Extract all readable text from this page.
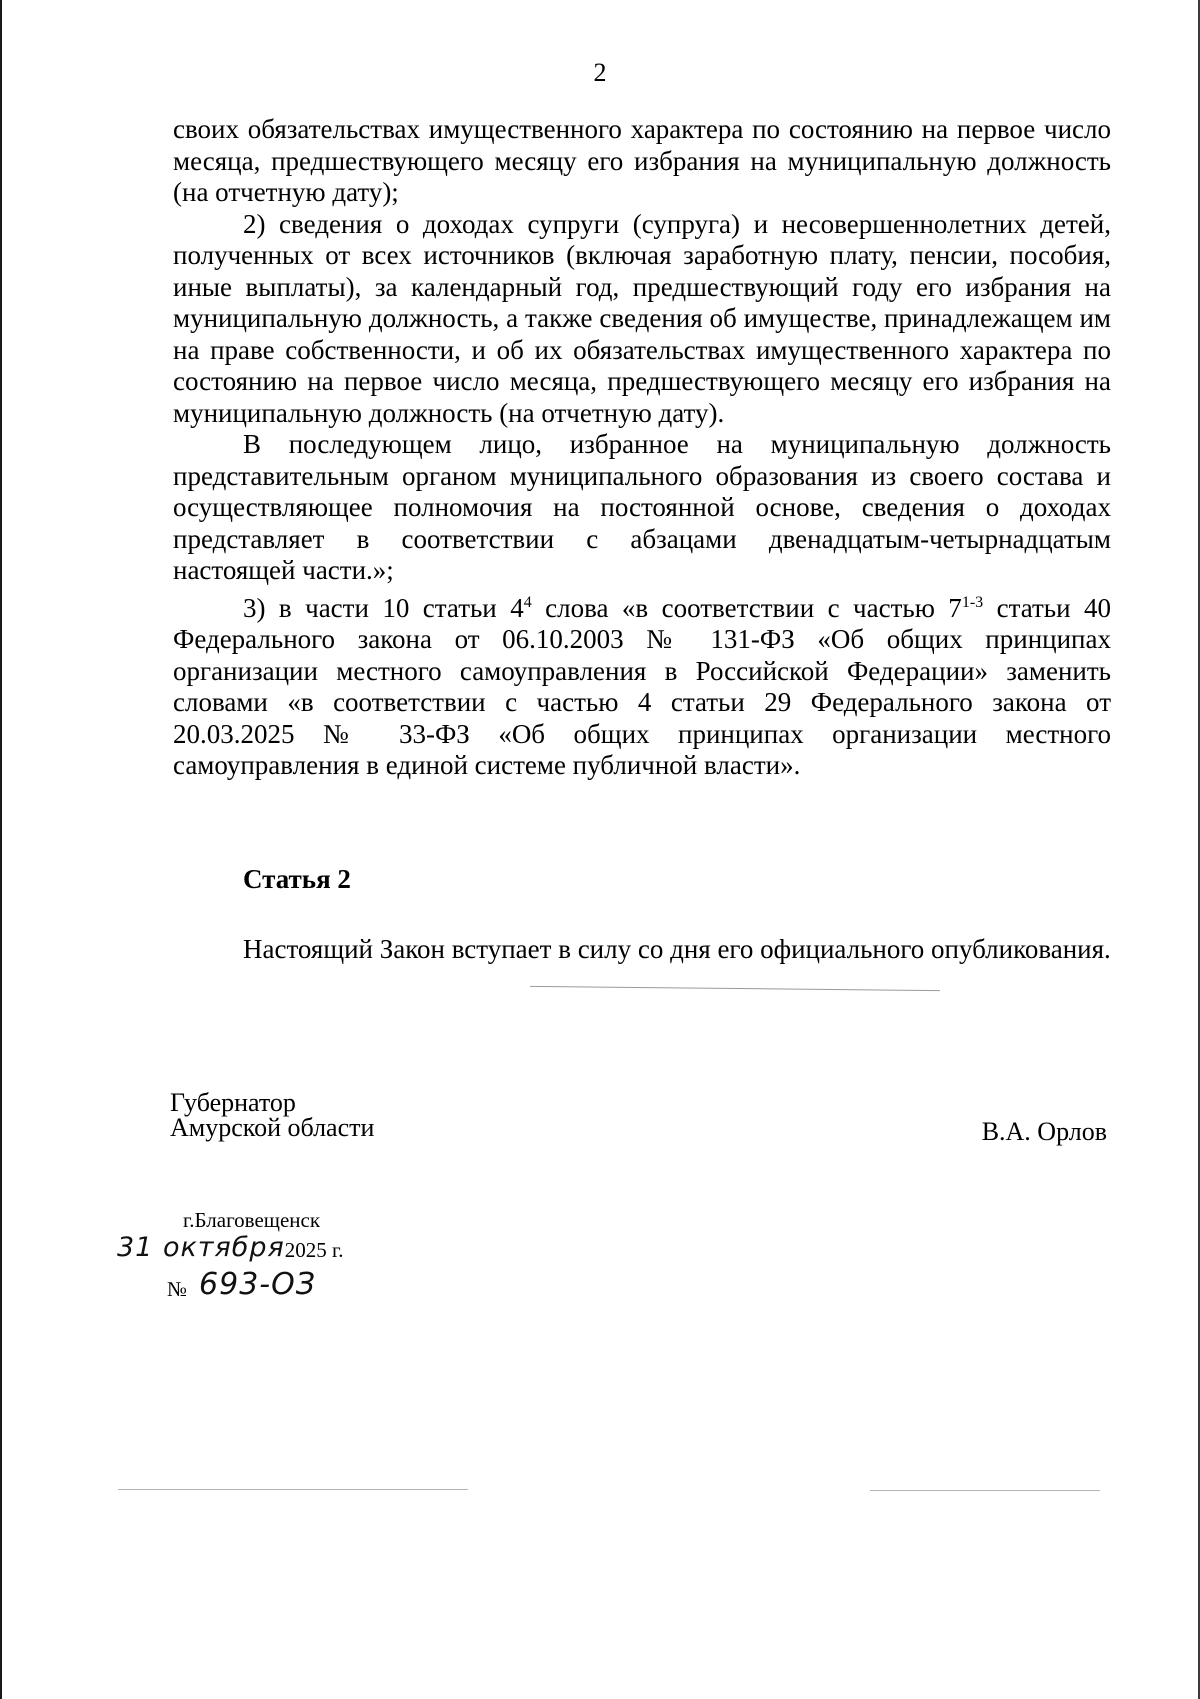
2

своих обязательствах имущественного характера по состоянию на первое число месяца, предшествующего месяцу его избрания на муниципальную должность (на отчетную дату);

2) сведения о доходах супруги (супруга) и несовершеннолетних детей, полученных от всех источников (включая заработную плату, пенсии, пособия, иные выплаты), за календарный год, предшествующий году его избрания на муниципальную должность, а также сведения об имуществе, принадлежащем им на праве собственности, и об их обязательствах имущественного характера по состоянию на первое число месяца, предшествующего месяцу его избрания на муниципальную должность (на отчетную дату).

В последующем лицо, избранное на муниципальную должность представительным органом муниципального образования из своего состава и осуществляющее полномочия на постоянной основе, сведения о доходах представляет в соответствии с абзацами двенадцатым-четырнадцатым настоящей части.»;

3) в части 10 статьи $4^4$ слова «в соответствии с частью 7$^{1-3}$ статьи 40 Федерального закона от 06.10.2003 № 131-ФЗ «Об общих принципах организации местного самоуправления в Российской Федерации» заменить словами «в соответствии с частью 4 статьи 29 Федерального закона от 20.03.2025 № 33-ФЗ «Об общих принципах организации местного самоуправления в единой системе публичной власти».

Статья 2
Настоящий Закон вступает в силу со дня его официального опубликования.
Губернатор
Амурской области	В.А. Орлов
г.Благовещенск
31 октября 2025 г.
№ 693-ОЗ
